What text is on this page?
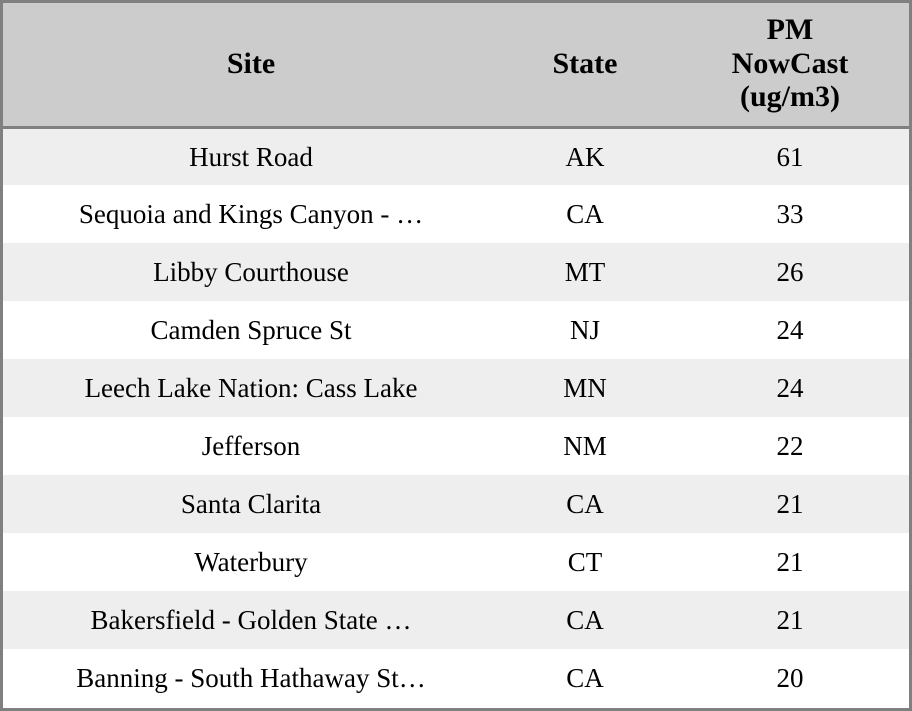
Site	State	PM
NowCast
(ug/m3)

Hurst Road	AK	61
Sequoia and Kings Canyon - …	CA	33
Libby Courthouse	MT	26
Camden Spruce St	NJ	24
Leech Lake Nation: Cass Lake	MN	24
Jefferson	NM	22
Santa Clarita	CA	21
Waterbury	CT	21
Bakersfield - Golden State …	CA	21
Banning - South Hathaway St…	CA	20
